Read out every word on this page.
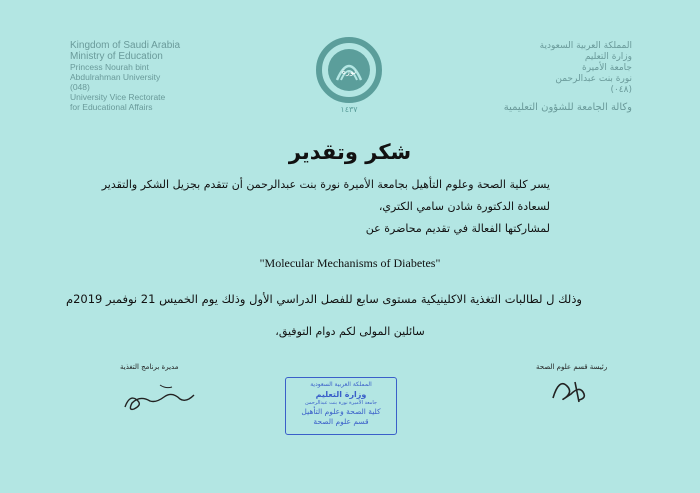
Kingdom of Saudi Arabia
Ministry of Education
Princess Nourah bint
Abdulrahman University
(048)
University Vice Rectorate
for Educational Affairs
نورة
١٤٣٧
المملكة العربية السعودية
وزارة التعليم
جامعة الأميرة
نورة بنت عبدالرحمن
(٠٤٨)
وكالة الجامعة للشؤون التعليمية
شكر وتقدير
يسر كلية الصحة وعلوم التأهيل بجامعة الأميرة نورة بنت عبدالرحمن أن تتقدم بجزيل الشكر والتقدير
لسعادة الدكتورة شادن سامي الكتري،
لمشاركتها الفعالة في تقديم محاضرة عن
"Molecular Mechanisms of Diabetes"
وذلك ل لطالبات التغذية الاكلينيكية مستوى سابع للفصل الدراسي الأول وذلك يوم الخميس 21 نوفمبر 2019م
سائلين المولى لكم دوام التوفيق،
مديرة برنامج التغذية	رئيسة قسم علوم الصحة
المملكة العربية السعودية
وزارة التعليم
جامعة الأميرة نورة بنت عبدالرحمن
كلية الصحة وعلوم التأهيل
قسم علوم الصحة
